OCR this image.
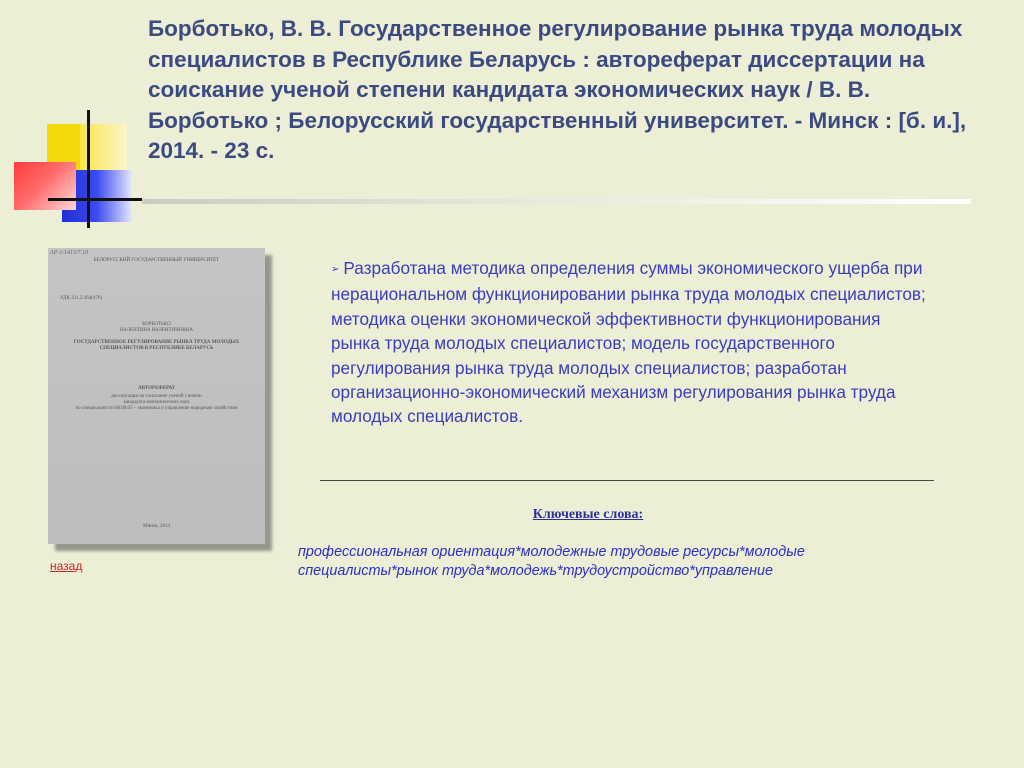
Борботько, В. В. Государственное регулирование рынка труда молодых специалистов в Республике Беларусь : автореферат диссертации на соискание ученой степени кандидата экономических наук / В. В. Борботько ; Белорусский государственный университет. - Минск : [б. и.], 2014. - 23 с.
AP-1/1415/7.10
БЕЛОРУССКИЙ ГОСУДАРСТВЕННЫЙ УНИВЕРСИТЕТ
УДК 331.5:364(476)
БОРБОТЬКО
ВАЛЕНТИНА ВАЛЕНТИНОВНА
ГОСУДАРСТВЕННОЕ РЕГУЛИРОВАНИЕ РЫНКА ТРУДА МОЛОДЫХ СПЕЦИАЛИСТОВ В РЕСПУБЛИКЕ БЕЛАРУСЬ
АВТОРЕФЕРАТ
диссертации на соискание ученой степени
кандидата экономических наук
по специальности 08.00.05 – экономика и управление народным хозяйством
Минск, 2014
назад

➢ Разработана методика определения суммы экономического ущерба при нерациональном функционировании рынка труда молодых специалистов; методика оценки экономической эффективности функционирования рынка труда молодых специалистов; модель государственного регулирования рынка труда молодых специалистов; разработан организационно-экономический механизм регулирования рынка труда молодых специалистов.

Ключевые слова:

профессиональная ориентация*молодежные трудовые ресурсы*молодые специалисты*рынок труда*молодежь*трудоустройство*управление
